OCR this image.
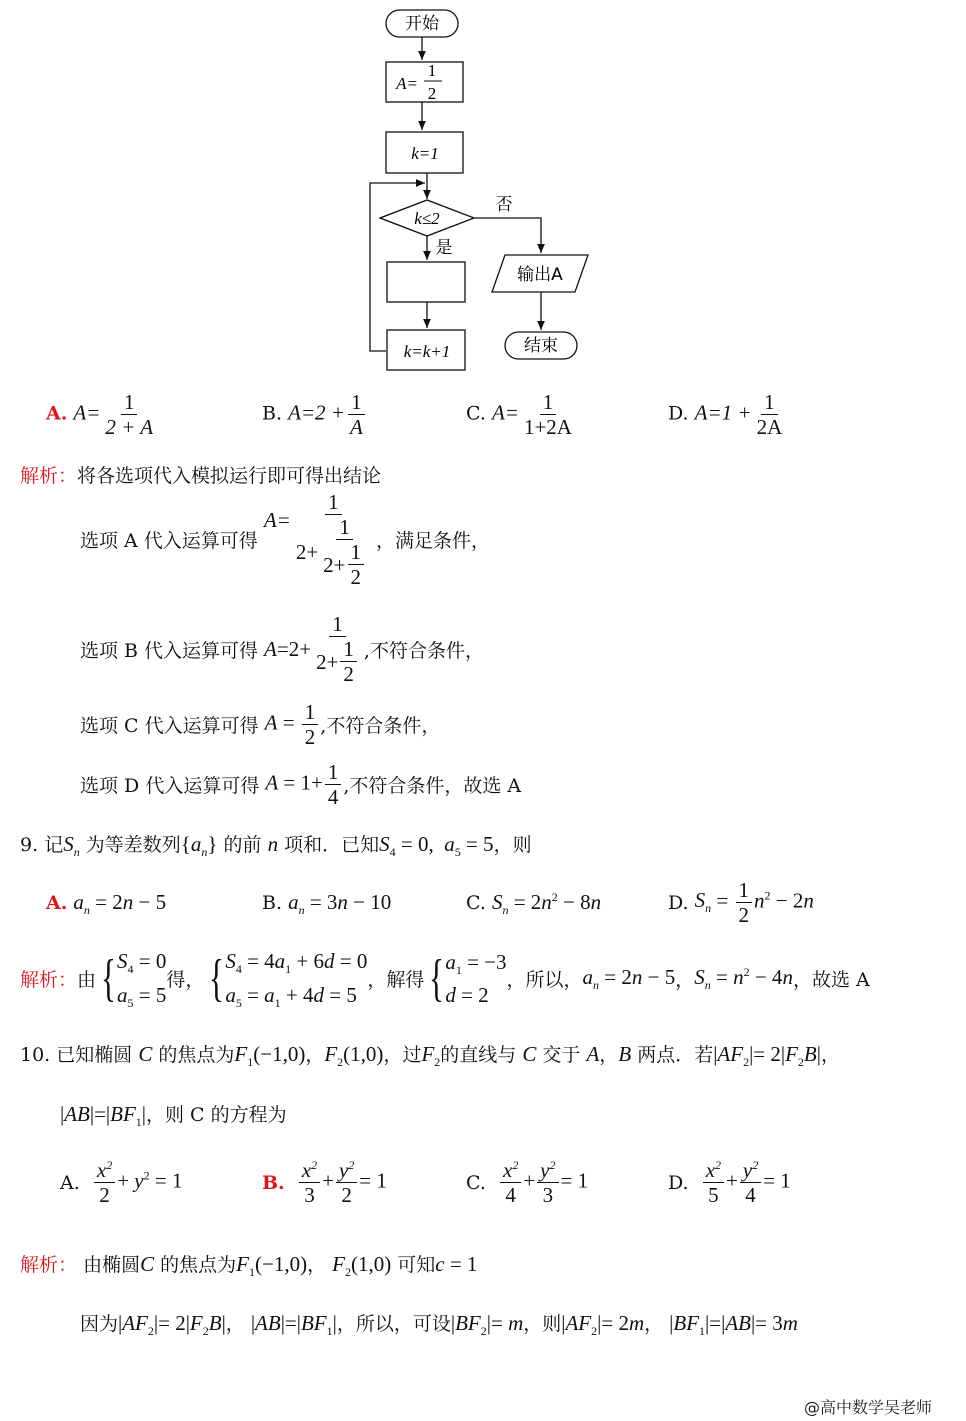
开始
A=
1
2
k=1
k≤2
是
否
k=k+1
输出A
结束
A. $A= \frac{1}{2 + A}$	B. $A=2 + \frac{1}{A}$	C. $A= \frac{1}{1+2A}$	D. $A=1 + \frac{1}{2A}$
解析：将各选项代入模拟运行即可得出结论
选项 A 代入运算可得
$A= \frac{1}{2+ \frac{1}{2+ \frac{1}{2}}}$ ，满足条件，
选项 B 代入运算可得 $A =2+ \frac{1}{2+ \frac{1}{2}}$ ,不符合条件，
选项 C 代入运算可得 $A = \frac{1}{2}$ ,不符合条件，
选项 D 代入运算可得 $A = 1+ \frac{1}{4}$ ,不符合条件，故选 A
9. 记$S_n$ 为等差数列$\{a_n\}$ 的前 n 项和．已知$S_4 = 0$,  $a_5 = 5$，则
A. $a_n = 2n - 5$	B. $a_n = 3n - 10$	C. $S_n = 2n^2 - 8n$	D.
$S_n = \frac{1}{2} n^2 - 2n$
解析： 由 { $S_4 = 0$
$a_5 = 5$
得， { $S_4 = 4a_1 + 6d = 0$
$a_5 = a_1 + 4d = 5$
，解得 { $a_1 = -3$
d = 2
，所以， $a_n = 2n - 5$ ， $S_n = n^2 - 4n$ ，故选 A
10. 已知椭圆 C 的焦点为$F_1(-1,0)$，$F_2(1,0)$，过$F_2$的直线与 C 交于 A，B 两点．若$|AF_2|= 2|F_2B|$，
$|AB|=|BF_1|$，则 C 的方程为
A.
$\frac{x^2}{2} + y^2 = 1$	B.
$\frac{x^2}{3} + \frac{y^2}{2} = 1$	C.
$\frac{x^2}{4} + \frac{y^2}{3} = 1$	D.
$\frac{x^2}{5} + \frac{y^2}{4} = 1$
解析： 由椭圆C 的焦点为$F_1(-1,0)$， $F_2(1,0)$ 可知c = 1
因为$|AF_2|= 2|F_2B|$， $|AB|=|BF_1|$，所以，可设$|BF_2|= m$，则$|AF_2|= 2m$， $|BF_1|=|AB|= 3m$
@高中数学吴老师
